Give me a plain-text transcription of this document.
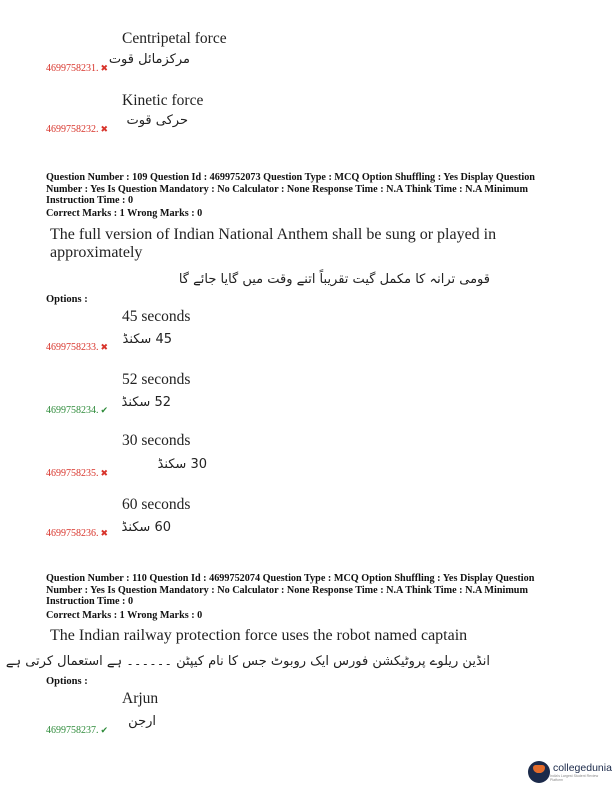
Centripetal force
مرکزمائل قوت
4699758231. ✖
Kinetic force
حرکی قوت
4699758232. ✖
Question Number : 109 Question Id : 4699752073 Question Type : MCQ Option Shuffling : Yes Display Question Number : Yes Is Question Mandatory : No Calculator : None Response Time : N.A Think Time : N.A Minimum Instruction Time : 0
Correct Marks : 1 Wrong Marks : 0
The full version of Indian National Anthem shall be sung or played in approximately
قومی ترانہ کا مکمل گیت تقریباً اتنے وقت میں گایا جائے گا
Options :
45 seconds
45 سکنڈ
4699758233. ✖
52 seconds
52 سکنڈ
4699758234. ✔
30 seconds
30 سکنڈ
4699758235. ✖
60 seconds
60 سکنڈ
4699758236. ✖
Question Number : 110 Question Id : 4699752074 Question Type : MCQ Option Shuffling : Yes Display Question Number : Yes Is Question Mandatory : No Calculator : None Response Time : N.A Think Time : N.A Minimum Instruction Time : 0
Correct Marks : 1 Wrong Marks : 0
The Indian railway protection force uses the robot named captain
انڈین ریلوے پروٹیکشن فورس ایک روبوٹ جس کا نام کیپٹن ۔۔۔۔۔۔ ہے استعمال کرتی ہے
Options :
Arjun
ارجن
4699758237. ✔
collegedunia
India's Largest Student Review Platform
